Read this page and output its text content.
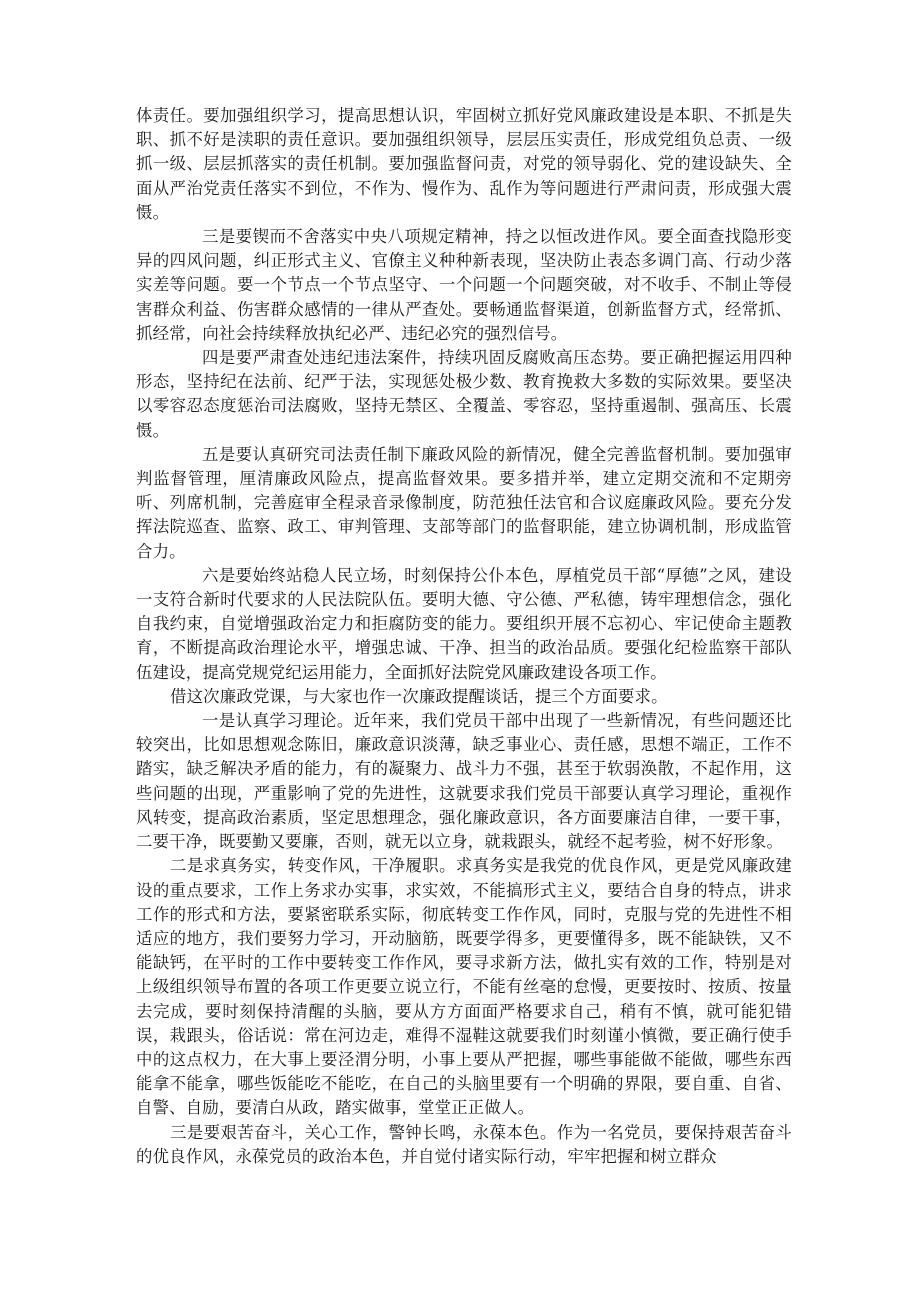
体责任。要加强组织学习，提高思想认识，牢固树立抓好党风廉政建设是本职、不抓是失职、抓不好是渎职的责任意识。要加强组织领导，层层压实责任，形成党组负总责、一级抓一级、层层抓落实的责任机制。要加强监督问责，对党的领导弱化、党的建设缺失、全面从严治党责任落实不到位，不作为、慢作为、乱作为等问题进行严肃问责，形成强大震慑。

三是要锲而不舍落实中央八项规定精神，持之以恒改进作风。要全面查找隐形变异的四风问题，纠正形式主义、官僚主义种种新表现，坚决防止表态多调门高、行动少落实差等问题。要一个节点一个节点坚守、一个问题一个问题突破，对不收手、不制止等侵害群众利益、伤害群众感情的一律从严查处。要畅通监督渠道，创新监督方式，经常抓、抓经常，向社会持续释放执纪必严、违纪必究的强烈信号。

四是要严肃查处违纪违法案件，持续巩固反腐败高压态势。要正确把握运用四种形态，坚持纪在法前、纪严于法，实现惩处极少数、教育挽救大多数的实际效果。要坚决以零容忍态度惩治司法腐败，坚持无禁区、全覆盖、零容忍，坚持重遏制、强高压、长震慑。

五是要认真研究司法责任制下廉政风险的新情况，健全完善监督机制。要加强审判监督管理，厘清廉政风险点，提高监督效果。要多措并举，建立定期交流和不定期旁听、列席机制，完善庭审全程录音录像制度，防范独任法官和合议庭廉政风险。要充分发挥法院巡查、监察、政工、审判管理、支部等部门的监督职能，建立协调机制，形成监管合力。

六是要始终站稳人民立场，时刻保持公仆本色，厚植党员干部“厚德”之风，建设一支符合新时代要求的人民法院队伍。要明大德、守公德、严私德，铸牢理想信念，强化自我约束，自觉增强政治定力和拒腐防变的能力。要组织开展不忘初心、牢记使命主题教育，不断提高政治理论水平，增强忠诚、干净、担当的政治品质。要强化纪检监察干部队伍建设，提高党规党纪运用能力，全面抓好法院党风廉政建设各项工作。

借这次廉政党课，与大家也作一次廉政提醒谈话，提三个方面要求。

一是认真学习理论。近年来，我们党员干部中出现了一些新情况，有些问题还比较突出，比如思想观念陈旧，廉政意识淡薄，缺乏事业心、责任感，思想不端正，工作不踏实，缺乏解决矛盾的能力，有的凝聚力、战斗力不强，甚至于软弱涣散，不起作用，这些问题的出现，严重影响了党的先进性，这就要求我们党员干部要认真学习理论，重视作风转变，提高政治素质，坚定思想理念，强化廉政意识，各方面要廉洁自律，一要干事，二要干净，既要勤又要廉，否则，就无以立身，就栽跟头，就经不起考验，树不好形象。

二是求真务实，转变作风，干净履职。求真务实是我党的优良作风，更是党风廉政建设的重点要求，工作上务求办实事，求实效，不能搞形式主义，要结合自身的特点，讲求工作的形式和方法，要紧密联系实际，彻底转变工作作风，同时，克服与党的先进性不相适应的地方，我们要努力学习，开动脑筋，既要学得多，更要懂得多，既不能缺铁，又不能缺钙，在平时的工作中要转变工作作风，要寻求新方法，做扎实有效的工作，特别是对上级组织领导布置的各项工作更要立说立行，不能有丝毫的怠慢，更要按时、按质、按量去完成，要时刻保持清醒的头脑，要从方方面面严格要求自己，稍有不慎，就可能犯错误，栽跟头，俗话说：常在河边走，难得不湿鞋这就要我们时刻谨小慎微，要正确行使手中的这点权力，在大事上要泾渭分明，小事上要从严把握，哪些事能做不能做，哪些东西能拿不能拿，哪些饭能吃不能吃，在自己的头脑里要有一个明确的界限，要自重、自省、自警、自励，要清白从政，踏实做事，堂堂正正做人。

三是要艰苦奋斗，关心工作，警钟长鸣，永葆本色。作为一名党员，要保持艰苦奋斗的优良作风，永葆党员的政治本色，并自觉付诸实际行动，牢牢把握和树立群众
